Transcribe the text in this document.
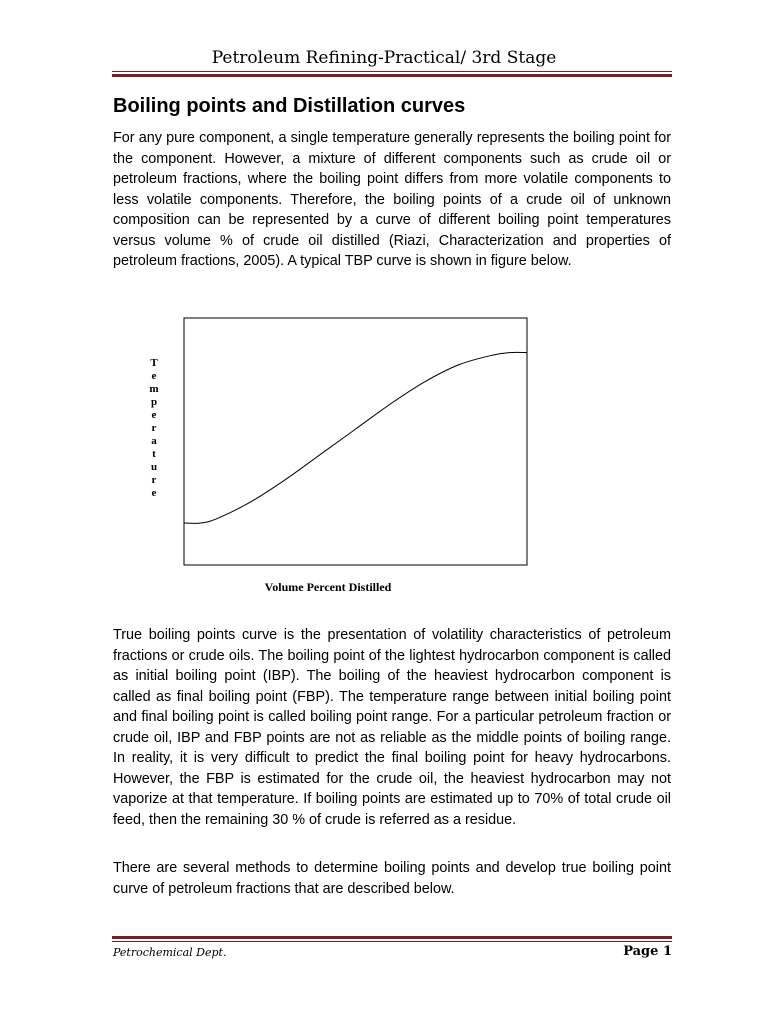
Petroleum Refining-Practical/ 3rd Stage
Boiling points and Distillation curves

For any pure component, a single temperature generally represents the boiling point for the component. However, a mixture of different components such as crude oil or petroleum fractions, where the boiling point differs from more volatile components to less volatile components. Therefore, the boiling points of a crude oil of unknown composition can be represented by a curve of different boiling point temperatures versus volume % of crude oil distilled (Riazi, Characterization and properties of petroleum fractions, 2005). A typical TBP curve is shown in figure below.

T
e
m
p
e
r
a
t
u
r
e
Volume Percent Distilled

True boiling points curve is the presentation of volatility characteristics of petroleum fractions or crude oils. The boiling point of the lightest hydrocarbon component is called as initial boiling point (IBP). The boiling of the heaviest hydrocarbon component is called as final boiling point (FBP). The temperature range between initial boiling point and final boiling point is called boiling point range. For a particular petroleum fraction or crude oil, IBP and FBP points are not as reliable as the middle points of boiling range. In reality, it is very difficult to predict the final boiling point for heavy hydrocarbons. However, the FBP is estimated for the crude oil, the heaviest hydrocarbon may not vaporize at that temperature. If boiling points are estimated up to 70% of total crude oil feed, then the remaining 30 % of crude is referred as a residue.

There are several methods to determine boiling points and develop true boiling point curve of petroleum fractions that are described below.

Petrochemical Dept.	Page 1
